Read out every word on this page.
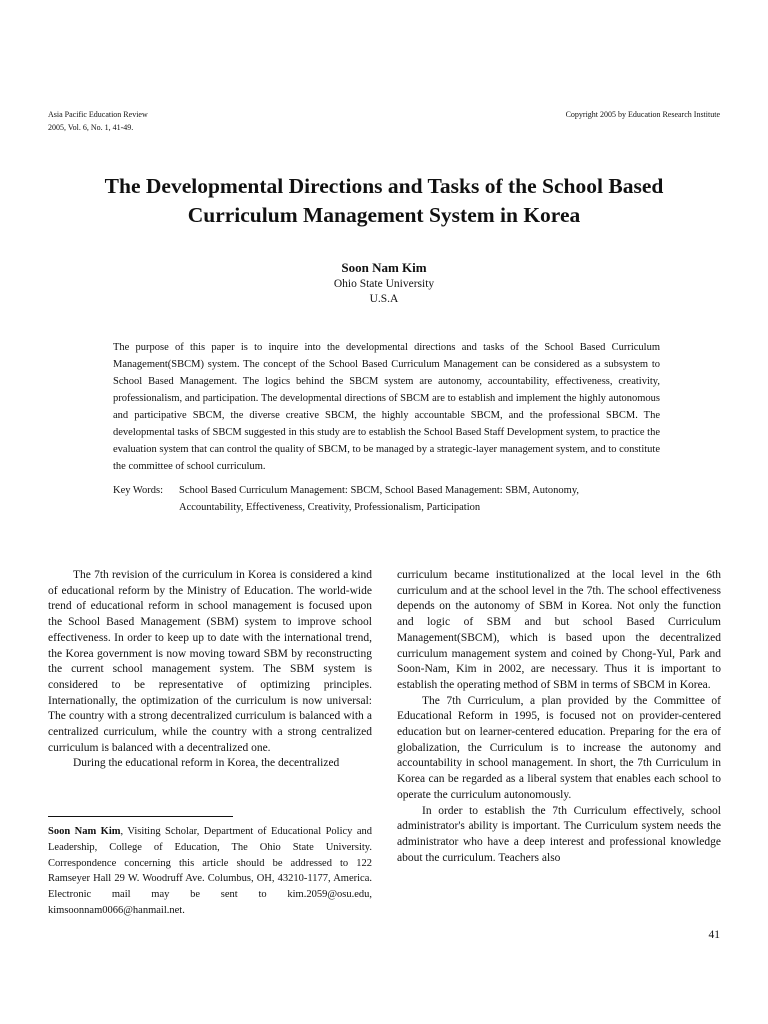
Asia Pacific Education Review
2005, Vol. 6, No. 1, 41-49.
Copyright 2005 by Education Research Institute
The Developmental Directions and Tasks of the School Based Curriculum Management System in Korea
Soon Nam Kim
Ohio State University
U.S.A

The purpose of this paper is to inquire into the developmental directions and tasks of the School Based Curriculum Management(SBCM) system. The concept of the School Based Curriculum Management can be considered as a subsystem to School Based Management. The logics behind the SBCM system are autonomy, accountability, effectiveness, creativity, professionalism, and participation. The developmental directions of SBCM are to establish and implement the highly autonomous and participative SBCM, the diverse creative SBCM, the highly accountable SBCM, and the professional SBCM. The developmental tasks of SBCM suggested in this study are to establish the School Based Staff Development system, to practice the evaluation system that can control the quality of SBCM, to be managed by a strategic-layer management system, and to constitute the committee of school curriculum.

Key Words: School Based Curriculum Management: SBCM, School Based Management: SBM, Autonomy,
Accountability, Effectiveness, Creativity, Professionalism, Participation

The 7th revision of the curriculum in Korea is considered a kind of educational reform by the Ministry of Education. The world-wide trend of educational reform in school management is focused upon the School Based Management (SBM) system to improve school effectiveness. In order to keep up to date with the international trend, the Korea government is now moving toward SBM by reconstructing the current school management system. The SBM system is considered to be representative of optimizing principles. Internationally, the optimization of the curriculum is now universal: The country with a strong decentralized curriculum is balanced with a centralized curriculum, while the country with a strong centralized curriculum is balanced with a decentralized one.

During the educational reform in Korea, the decentralized

curriculum became institutionalized at the local level in the 6th curriculum and at the school level in the 7th. The school effectiveness depends on the autonomy of SBM in Korea. Not only the function and logic of SBM and but school Based Curriculum Management(SBCM), which is based upon the decentralized curriculum management system and coined by Chong-Yul, Park and Soon-Nam, Kim in 2002, are necessary. Thus it is important to establish the operating method of SBM in terms of SBCM in Korea.

The 7th Curriculum, a plan provided by the Committee of Educational Reform in 1995, is focused not on provider-centered education but on learner-centered education. Preparing for the era of globalization, the Curriculum is to increase the autonomy and accountability in school management. In short, the 7th Curriculum in Korea can be regarded as a liberal system that enables each school to operate the curriculum autonomously.

In order to establish the 7th Curriculum effectively, school administrator's ability is important. The Curriculum system needs the administrator who have a deep interest and professional knowledge about the curriculum. Teachers also

Soon Nam Kim, Visiting Scholar, Department of Educational Policy and Leadership, College of Education, The Ohio State University. Correspondence concerning this article should be addressed to 122 Ramseyer Hall 29 W. Woodruff Ave. Columbus, OH, 43210-1177, America. Electronic mail may be sent to kim.2059@osu.edu, kimsoonnam0066@hanmail.net.

41
